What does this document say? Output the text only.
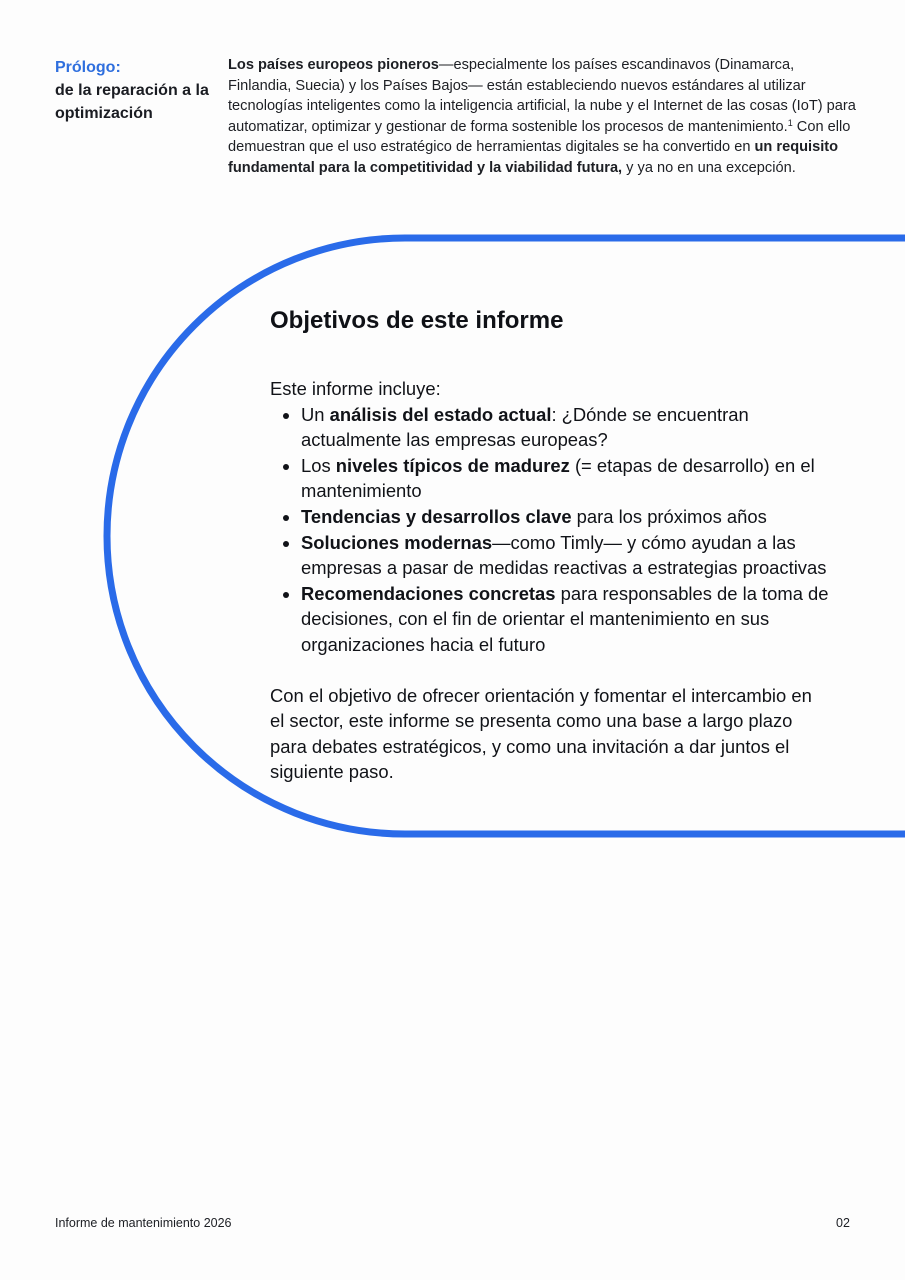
Prólogo:
de la reparación a la optimización
Los países europeos pioneros—especialmente los países escandinavos (Dinamarca, Finlandia, Suecia) y los Países Bajos— están estableciendo nuevos estándares al utilizar tecnologías inteligentes como la inteligencia artificial, la nube y el Internet de las cosas (IoT) para automatizar, optimizar y gestionar de forma sostenible los procesos de mantenimiento.$^1$ Con ello demuestran que el uso estratégico de herramientas digitales se ha convertido en un requisito fundamental para la competitividad y la viabilidad futura, y ya no en una excepción.
Objetivos de este informe
Este informe incluye:
Un análisis del estado actual: ¿Dónde se encuentran actualmente las empresas europeas?
Los niveles típicos de madurez (= etapas de desarrollo) en el mantenimiento
Tendencias y desarrollos clave para los próximos años
Soluciones modernas—como Timly— y cómo ayudan a las empresas a pasar de medidas reactivas a estrategias proactivas
Recomendaciones concretas para responsables de la toma de decisiones, con el fin de orientar el mantenimiento en sus organizaciones hacia el futuro
Con el objetivo de ofrecer orientación y fomentar el intercambio en el sector, este informe se presenta como una base a largo plazo para debates estratégicos, y como una invitación a dar juntos el siguiente paso.
Informe de mantenimiento 2026	02
